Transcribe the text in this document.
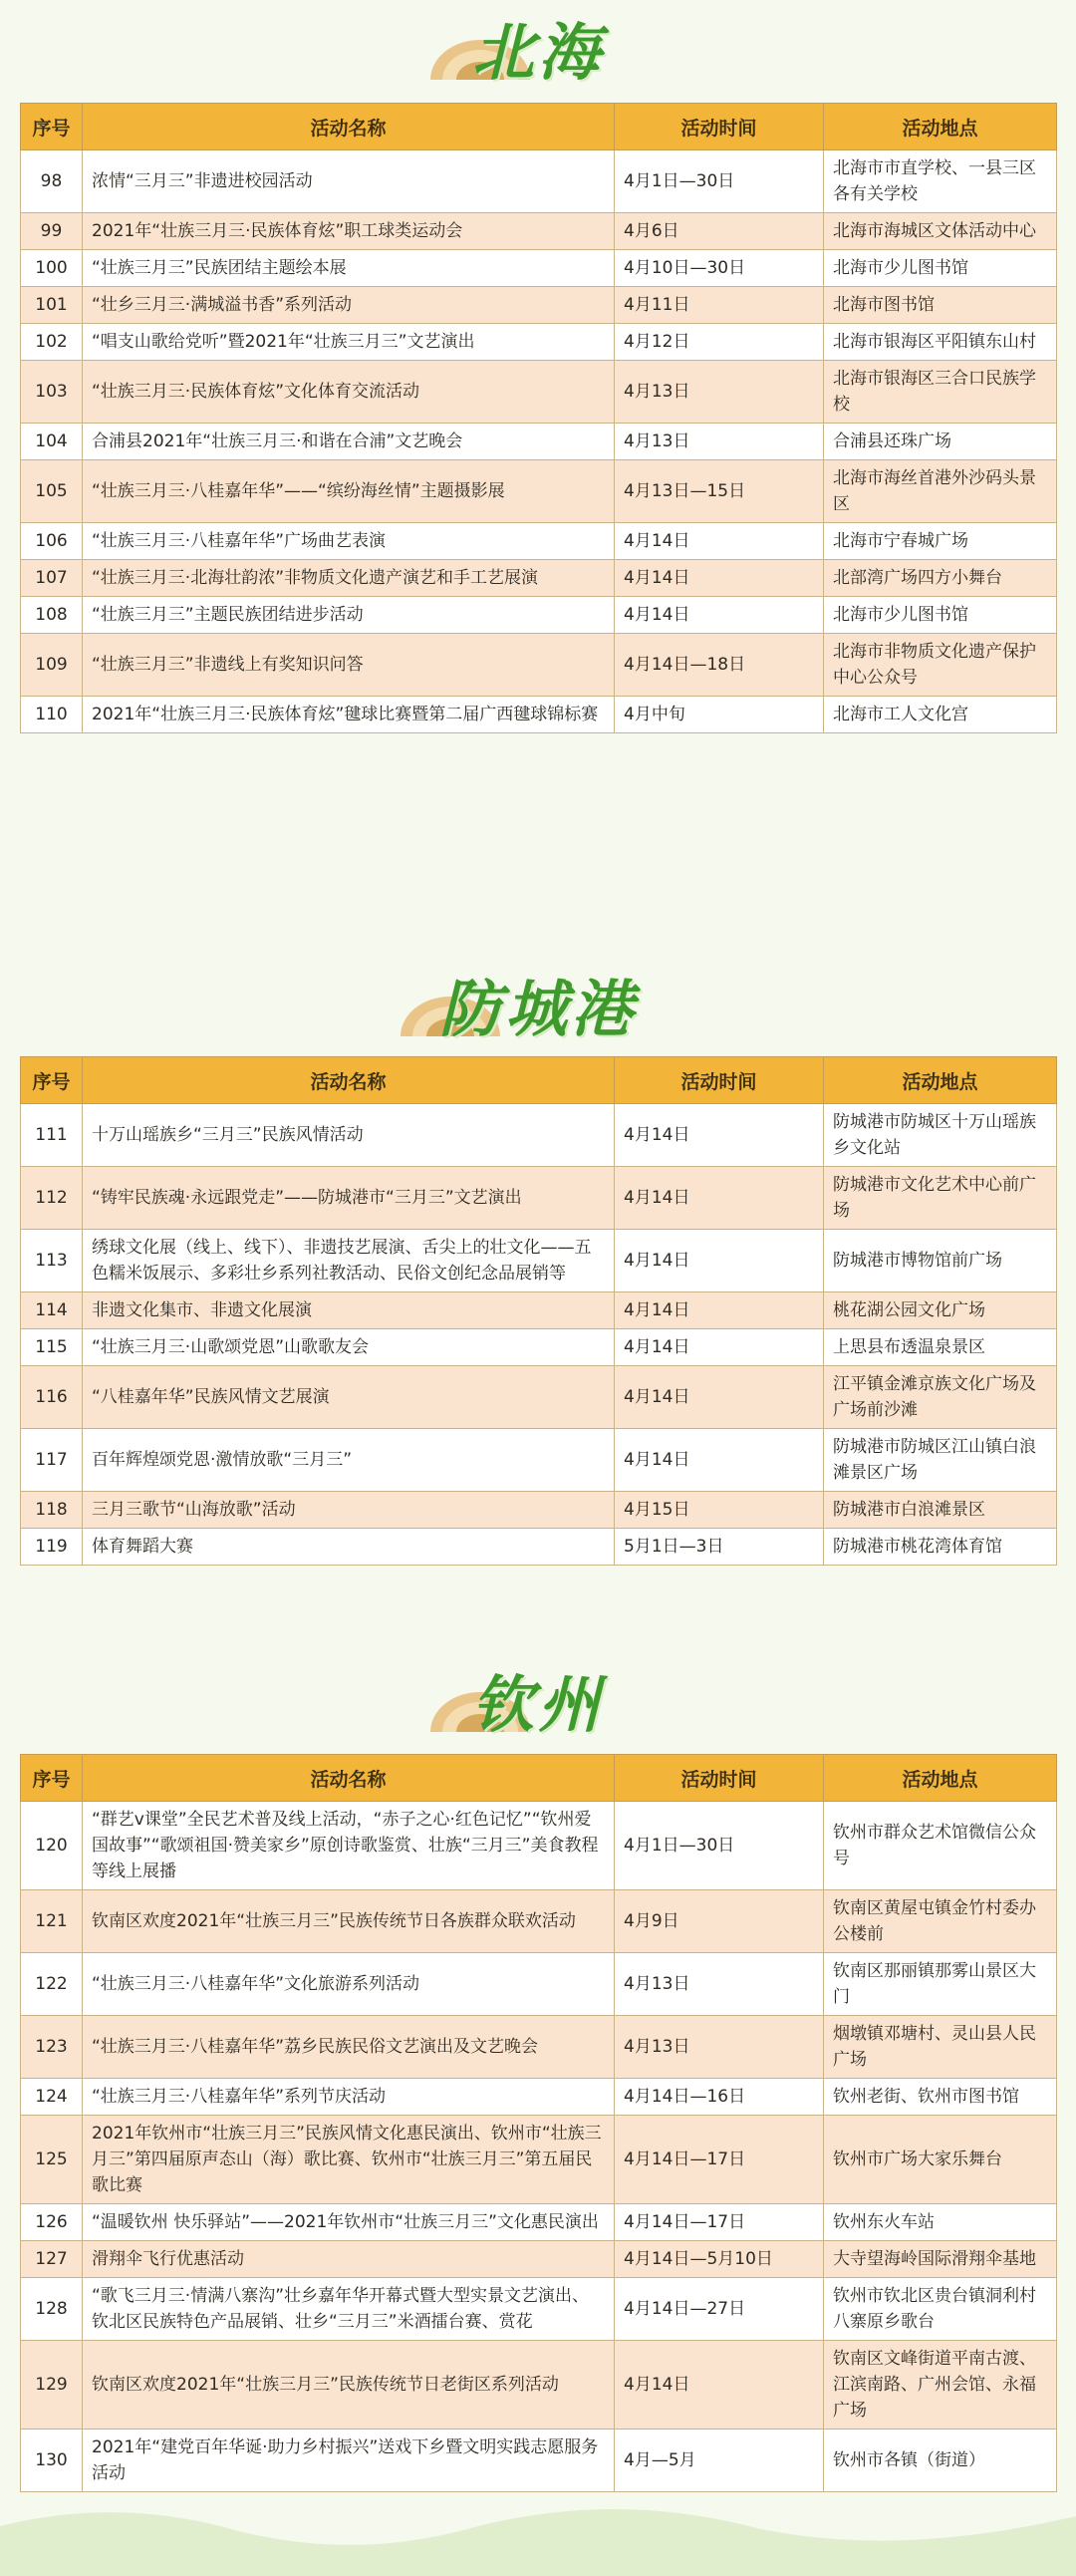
北海
序号	活动名称	活动时间	活动地点
98	浓情“三月三”非遗进校园活动	4月1日—30日	北海市市直学校、一县三区各有关学校
99	2021年“壮族三月三·民族体育炫”职工球类运动会	4月6日	北海市海城区文体活动中心
100	“壮族三月三”民族团结主题绘本展	4月10日—30日	北海市少儿图书馆
101	“壮乡三月三·满城溢书香”系列活动	4月11日	北海市图书馆
102	“唱支山歌给党听”暨2021年“壮族三月三”文艺演出	4月12日	北海市银海区平阳镇东山村
103	“壮族三月三·民族体育炫”文化体育交流活动	4月13日	北海市银海区三合口民族学校
104	合浦县2021年“壮族三月三·和谐在合浦”文艺晚会	4月13日	合浦县还珠广场
105	“壮族三月三·八桂嘉年华”——“缤纷海丝情”主题摄影展	4月13日—15日	北海市海丝首港外沙码头景区
106	“壮族三月三·八桂嘉年华”广场曲艺表演	4月14日	北海市宁春城广场
107	“壮族三月三·北海壮韵浓”非物质文化遗产演艺和手工艺展演	4月14日	北部湾广场四方小舞台
108	“壮族三月三”主题民族团结进步活动	4月14日	北海市少儿图书馆
109	“壮族三月三”非遗线上有奖知识问答	4月14日—18日	北海市非物质文化遗产保护中心公众号
110	2021年“壮族三月三·民族体育炫”毽球比赛暨第二届广西毽球锦标赛	4月中旬	北海市工人文化宫
防城港
序号	活动名称	活动时间	活动地点
111	十万山瑶族乡“三月三”民族风情活动	4月14日	防城港市防城区十万山瑶族乡文化站
112	“铸牢民族魂·永远跟党走”——防城港市“三月三”文艺演出	4月14日	防城港市文化艺术中心前广场
113	绣球文化展（线上、线下）、非遗技艺展演、舌尖上的壮文化——五色糯米饭展示、多彩壮乡系列社教活动、民俗文创纪念品展销等	4月14日	防城港市博物馆前广场
114	非遗文化集市、非遗文化展演	4月14日	桃花湖公园文化广场
115	“壮族三月三·山歌颂党恩”山歌歌友会	4月14日	上思县布透温泉景区
116	“八桂嘉年华”民族风情文艺展演	4月14日	江平镇金滩京族文化广场及广场前沙滩
117	百年辉煌颂党恩·激情放歌“三月三”	4月14日	防城港市防城区江山镇白浪滩景区广场
118	三月三歌节“山海放歌”活动	4月15日	防城港市白浪滩景区
119	体育舞蹈大赛	5月1日—3日	防城港市桃花湾体育馆
钦州
序号	活动名称	活动时间	活动地点
120	“群艺v课堂”全民艺术普及线上活动，“赤子之心·红色记忆”“钦州爱国故事”“歌颂祖国·赞美家乡”原创诗歌鉴赏、壮族“三月三”美食教程等线上展播	4月1日—30日	钦州市群众艺术馆微信公众号
121	钦南区欢度2021年“壮族三月三”民族传统节日各族群众联欢活动	4月9日	钦南区黄屋屯镇金竹村委办公楼前
122	“壮族三月三·八桂嘉年华”文化旅游系列活动	4月13日	钦南区那丽镇那雾山景区大门
123	“壮族三月三·八桂嘉年华”荔乡民族民俗文艺演出及文艺晚会	4月13日	烟墩镇邓塘村、灵山县人民广场
124	“壮族三月三·八桂嘉年华”系列节庆活动	4月14日—16日	钦州老街、钦州市图书馆
125	2021年钦州市“壮族三月三”民族风情文化惠民演出、钦州市“壮族三月三”第四届原声态山（海）歌比赛、钦州市“壮族三月三”第五届民歌比赛	4月14日—17日	钦州市广场大家乐舞台
126	“温暖钦州 快乐驿站”——2021年钦州市“壮族三月三”文化惠民演出	4月14日—17日	钦州东火车站
127	滑翔伞飞行优惠活动	4月14日—5月10日	大寺望海岭国际滑翔伞基地
128	“歌飞三月三·情满八寨沟”壮乡嘉年华开幕式暨大型实景文艺演出、钦北区民族特色产品展销、壮乡“三月三”米酒擂台赛、赏花	4月14日—27日	钦州市钦北区贵台镇洞利村八寨原乡歌台
129	钦南区欢度2021年“壮族三月三”民族传统节日老街区系列活动	4月14日	钦南区文峰街道平南古渡、江滨南路、广州会馆、永福广场
130	2021年“建党百年华诞·助力乡村振兴”送戏下乡暨文明实践志愿服务活动	4月—5月	钦州市各镇（街道）
